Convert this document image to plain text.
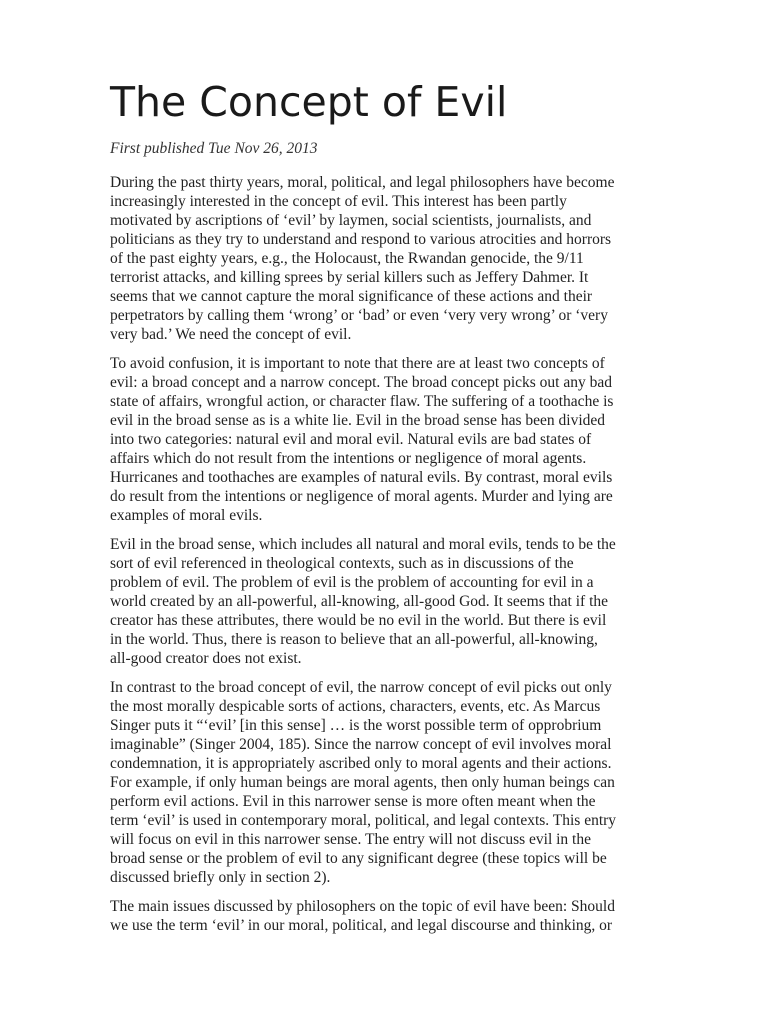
The Concept of Evil

First published Tue Nov 26, 2013

During the past thirty years, moral, political, and legal philosophers have become
increasingly interested in the concept of evil. This interest has been partly
motivated by ascriptions of ‘evil’ by laymen, social scientists, journalists, and
politicians as they try to understand and respond to various atrocities and horrors
of the past eighty years, e.g., the Holocaust, the Rwandan genocide, the 9/11
terrorist attacks, and killing sprees by serial killers such as Jeffery Dahmer. It
seems that we cannot capture the moral significance of these actions and their
perpetrators by calling them ‘wrong’ or ‘bad’ or even ‘very very wrong’ or ‘very
very bad.’ We need the concept of evil.

To avoid confusion, it is important to note that there are at least two concepts of
evil: a broad concept and a narrow concept. The broad concept picks out any bad
state of affairs, wrongful action, or character flaw. The suffering of a toothache is
evil in the broad sense as is a white lie. Evil in the broad sense has been divided
into two categories: natural evil and moral evil. Natural evils are bad states of
affairs which do not result from the intentions or negligence of moral agents.
Hurricanes and toothaches are examples of natural evils. By contrast, moral evils
do result from the intentions or negligence of moral agents. Murder and lying are
examples of moral evils.

Evil in the broad sense, which includes all natural and moral evils, tends to be the
sort of evil referenced in theological contexts, such as in discussions of the
problem of evil. The problem of evil is the problem of accounting for evil in a
world created by an all-powerful, all-knowing, all-good God. It seems that if the
creator has these attributes, there would be no evil in the world. But there is evil
in the world. Thus, there is reason to believe that an all-powerful, all-knowing,
all-good creator does not exist.

In contrast to the broad concept of evil, the narrow concept of evil picks out only
the most morally despicable sorts of actions, characters, events, etc. As Marcus
Singer puts it “‘evil’ [in this sense] … is the worst possible term of opprobrium
imaginable” (Singer 2004, 185). Since the narrow concept of evil involves moral
condemnation, it is appropriately ascribed only to moral agents and their actions.
For example, if only human beings are moral agents, then only human beings can
perform evil actions. Evil in this narrower sense is more often meant when the
term ‘evil’ is used in contemporary moral, political, and legal contexts. This entry
will focus on evil in this narrower sense. The entry will not discuss evil in the
broad sense or the problem of evil to any significant degree (these topics will be
discussed briefly only in section 2).

The main issues discussed by philosophers on the topic of evil have been: Should
we use the term ‘evil’ in our moral, political, and legal discourse and thinking, or
